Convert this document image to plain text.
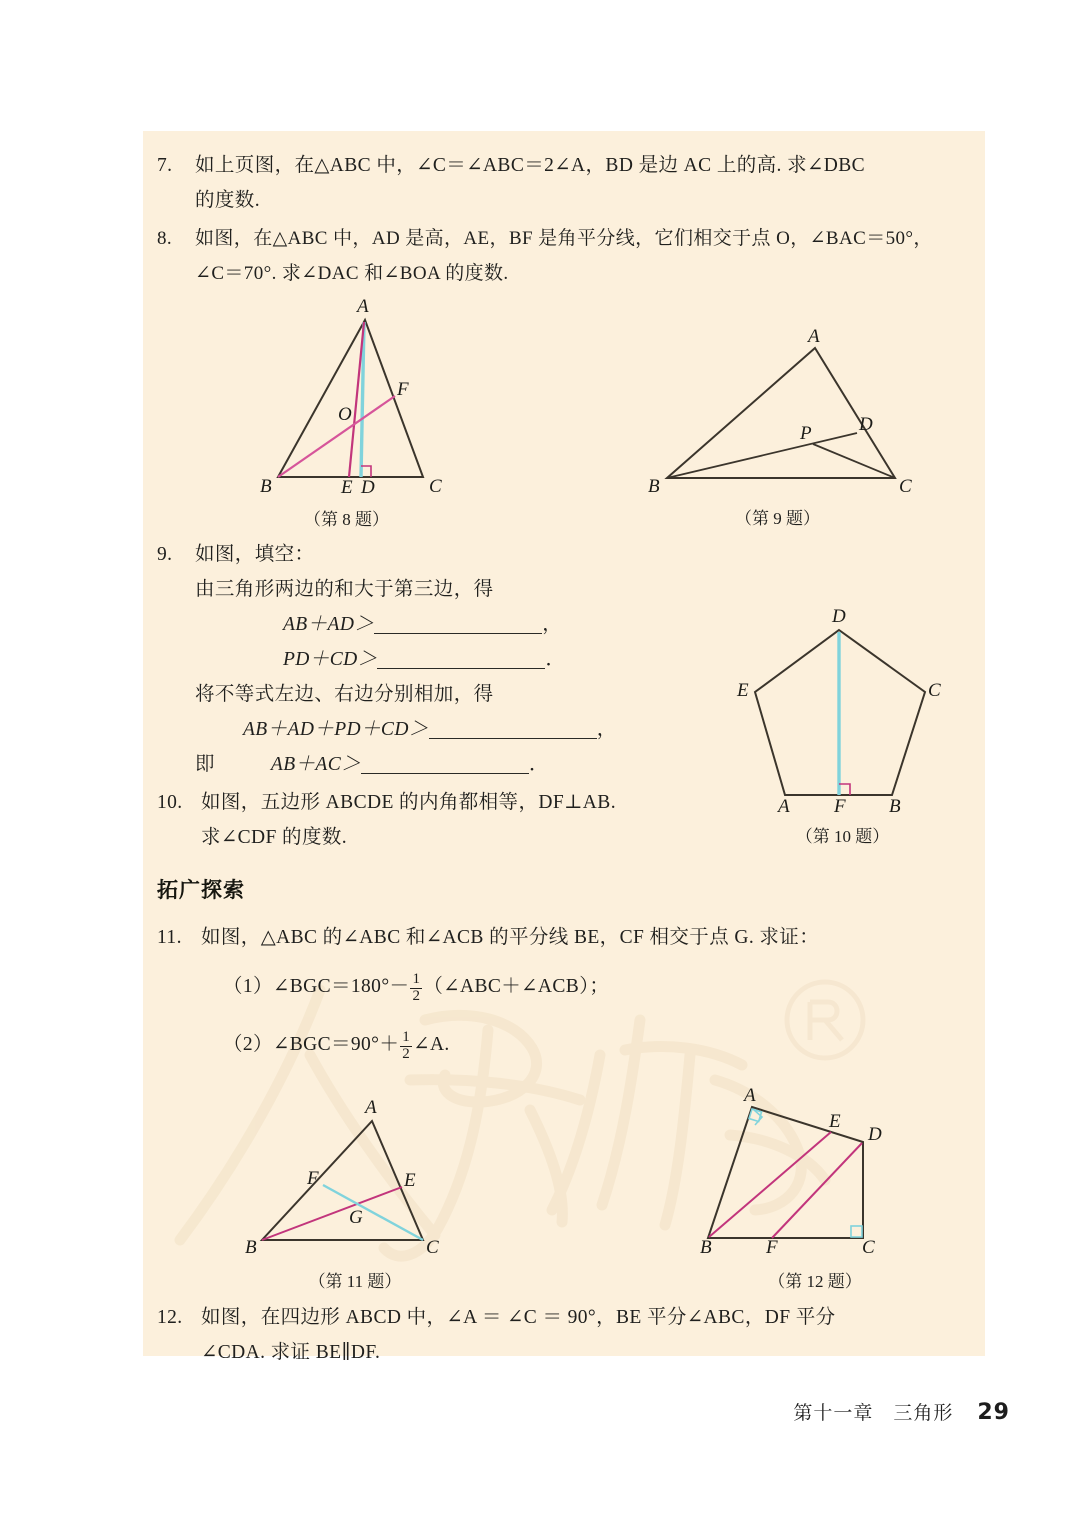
7.	如上页图，在△ABC 中，∠C＝∠ABC＝2∠A，BD 是边 AC 上的高. 求∠DBC
的度数.
8.	如图，在△ABC 中，AD 是高，AE，BF 是角平分线，它们相交于点 O，∠BAC＝50°，
∠C＝70°. 求∠DAC 和∠BOA 的度数.
A
B	C
E D
F
O
（第 8 题）
A
B	C
D
P
（第 9 题）
9.	如图，填空：
由三角形两边的和大于第三边，得
AB＋AD＞	，
PD＋CD＞	．
将不等式左边、右边分别相加，得
AB＋AD＋PD＋CD＞	，
即	AB＋AC＞	．
D
C
E
A F B
（第 10 题）
10. 如图，五边形 ABCDE 的内角都相等，DF⊥AB.
求∠CDF 的度数.
拓广探索
11. 如图，△ABC 的∠ABC 和∠ACB 的平分线 BE，CF 相交于点 G. 求证：
（1）∠BGC＝180°－ $\frac{1}{2}$ （∠ABC＋∠ACB）；
（2）∠BGC＝90°＋ $\frac{1}{2}$ ∠A.
A
B	C
F	E
G
（第 11 题）
A
E
D
B	F	C
（第 12 题）
12. 如图，在四边形 ABCD 中，∠A ＝ ∠C ＝ 90°，BE 平分∠ABC，DF 平分
∠CDA. 求证 BE∥DF.
第十一章　三角形 29
